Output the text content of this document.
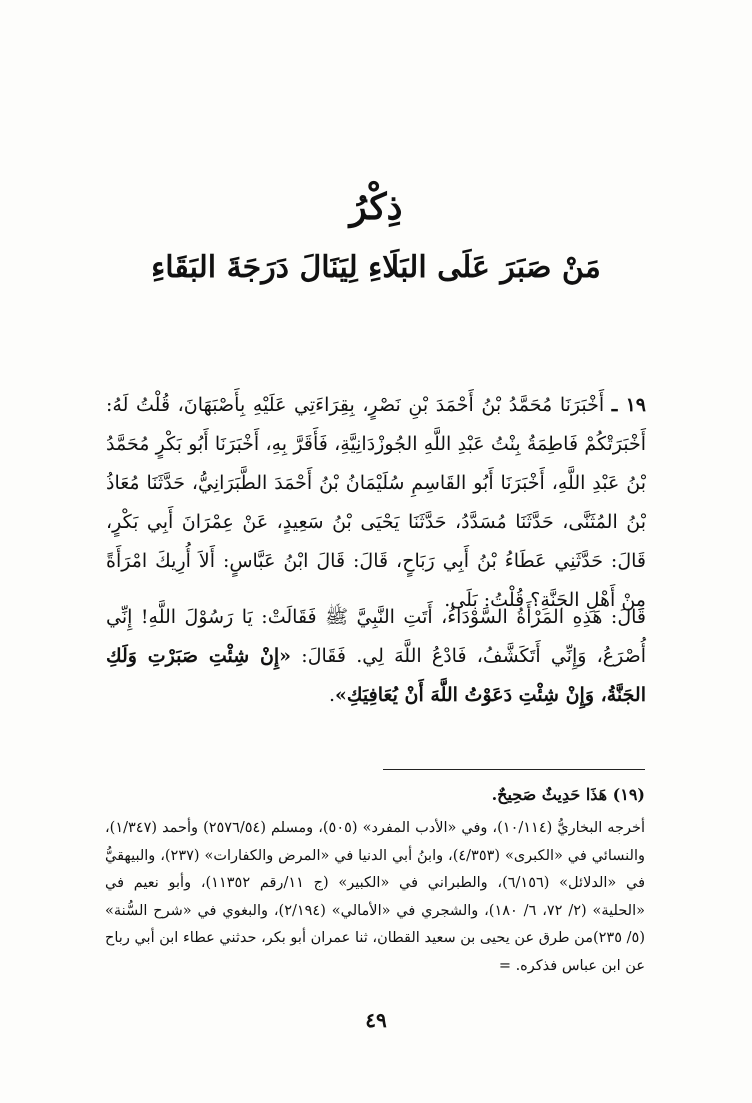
ذِكْرُ
مَنْ صَبَرَ عَلَى البَلَاءِ لِيَنَالَ دَرَجَةَ البَقَاءِ
١٩ ـ أَخْبَرَنَا مُحَمَّدُ بْنُ أَحْمَدَ بْنِ نَصْرٍ، بِقِرَاءَتِي عَلَيْهِ بِأَصْبَهَانَ، قُلْتُ لَهُ: أَخْبَرَتْكُمْ فَاطِمَةُ بِنْتُ عَبْدِ اللَّهِ الجُوزْدَانِيَّةِ، فَأَقَرَّ بِهِ، أَخْبَرَنَا أَبُو بَكْرٍ مُحَمَّدُ بْنُ عَبْدِ اللَّهِ، أَخْبَرَنَا أَبُو القَاسِمِ سُلَيْمَانُ بْنُ أَحْمَدَ الطَّبَرَانِيُّ، حَدَّثَنَا مُعَاذُ بْنُ المُثَنَّى، حَدَّثَنَا مُسَدَّدُ، حَدَّثَنَا يَحْيَى بْنُ سَعِيدٍ، عَنْ عِمْرَانَ أَبِي بَكْرٍ، قَالَ: حَدَّثَنِي عَطَاءُ بْنُ أَبِي رَبَاحٍ، قَالَ: قَالَ ابْنُ عَبَّاسٍ: أَلاَ أُرِيكَ امْرَأَةً مِنْ أَهْلِ الجَنَّةِ؟ قُلْتُ: بَلَى.
قَالَ: هَذِهِ المَرْأَةُ السَّوْدَاءُ، أَتَتِ النَّبِيَّ ﷺ فَقَالَتْ: يَا رَسُوْلَ اللَّهِ! إِنِّي أُصْرَعُ، وَإِنِّي أَتَكَشَّفُ، فَادْعُ اللَّهَ لِي. فَقَالَ: «إِنْ شِئْتِ صَبَرْتِ وَلَكِ الجَنَّةُ، وَإِنْ شِئْتِ دَعَوْتُ اللَّهَ أَنْ يُعَافِيَكِ».
(١٩) هَذَا حَدِيثٌ صَحِيحٌ.
أخرجه البخاريُّ (١٠/١١٤)، وفي «الأدب المفرد» (٥٠٥)، ومسلم (٢٥٧٦/٥٤) وأحمد (١/٣٤٧)، والنسائي في «الكبرى» (٤/٣٥٣)، وابنُ أبي الدنيا في «المرض والكفارات» (٢٣٧)، والبيهقيُّ في «الدلائل» (٦/١٥٦)، والطبراني في «الكبير» (ج ١١/رقم ١١٣٥٢)، وأبو نعيم في «الحلية» (٢/ ٧٢، ٦/ ١٨٠)، والشجري في «الأمالي» (٢/١٩٤)، والبغوي في «شرح السُّنة» (٥/ ٢٣٥)من طرق عن يحيى بن سعيد القطان، ثنا عمران أبو بكر، حدثني عطاء ابن أبي رباح عن ابن عباس فذكره. =
٤٩
